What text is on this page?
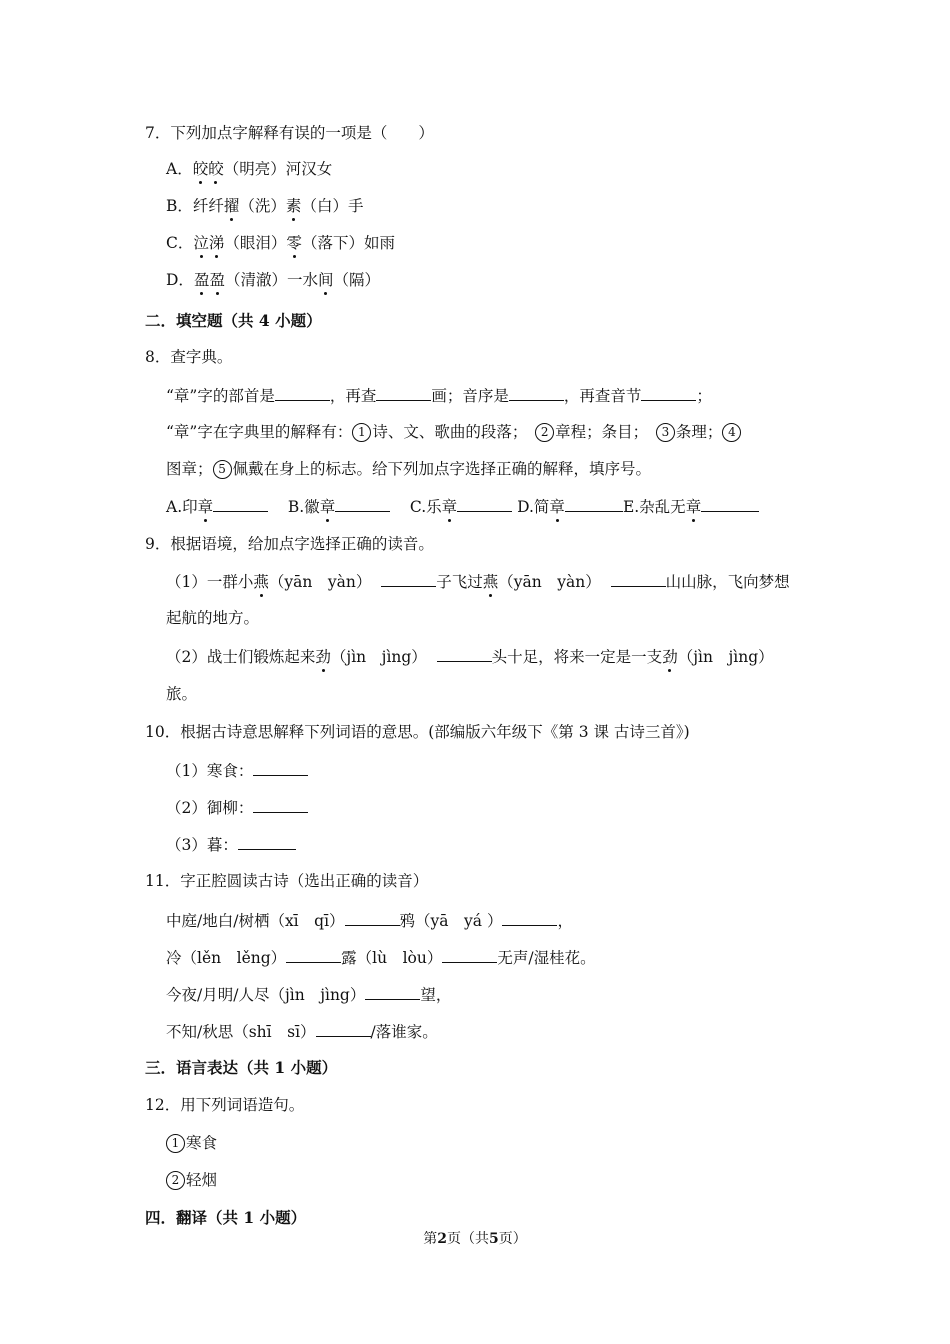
7．下列加点字解释有误的一项是（　　）
A．皎皎（明亮）河汉女
B．纤纤擢（洗）素（白）手
C．泣涕（眼泪）零（落下）如雨
D．盈盈（清澈）一水间（隔）
二．填空题（共 4 小题）
8．查字典。
“章”字的部首是	，再查	画；音序是	，再查音节	；
“章”字在字典里的解释有： 1 诗、文、歌曲的段落；　 2 章程；条目；　 3 条理； 4
图章； 5 佩戴在身上的标志。给下列加点字选择正确的解释，填序号。
A.印章	B.徽章	C.乐章	D.简章	E.杂乱无章
9．根据语境，给加点字选择正确的读音。
（1）一群小燕（yān　yàn）	子飞过燕（yān　yàn）	山山脉，飞向梦想
起航的地方。
（2）战士们锻炼起来劲（jìn　jìng）	头十足，将来一定是一支劲（jìn　jìng）
旅。
10．根据古诗意思解释下列词语的意思。(部编版六年级下《第 3 课 古诗三首》)
（1）寒食：
（2）御柳：
（3）暮：
11．字正腔圆读古诗（选出正确的读音）
中庭/地白/树栖（xī　qī）	鸦（yā　yá ）	，
冷（lěn　lěng）	露（lù　lòu）	无声/湿桂花。
今夜/月明/人尽（jìn　jìng）	望，
不知/秋思（shī　sī）	/落谁家。
三．语言表达（共 1 小题）
12．用下列词语造句。
1 寒食
2 轻烟
四．翻译（共 1 小题）
第2页（共5页）
